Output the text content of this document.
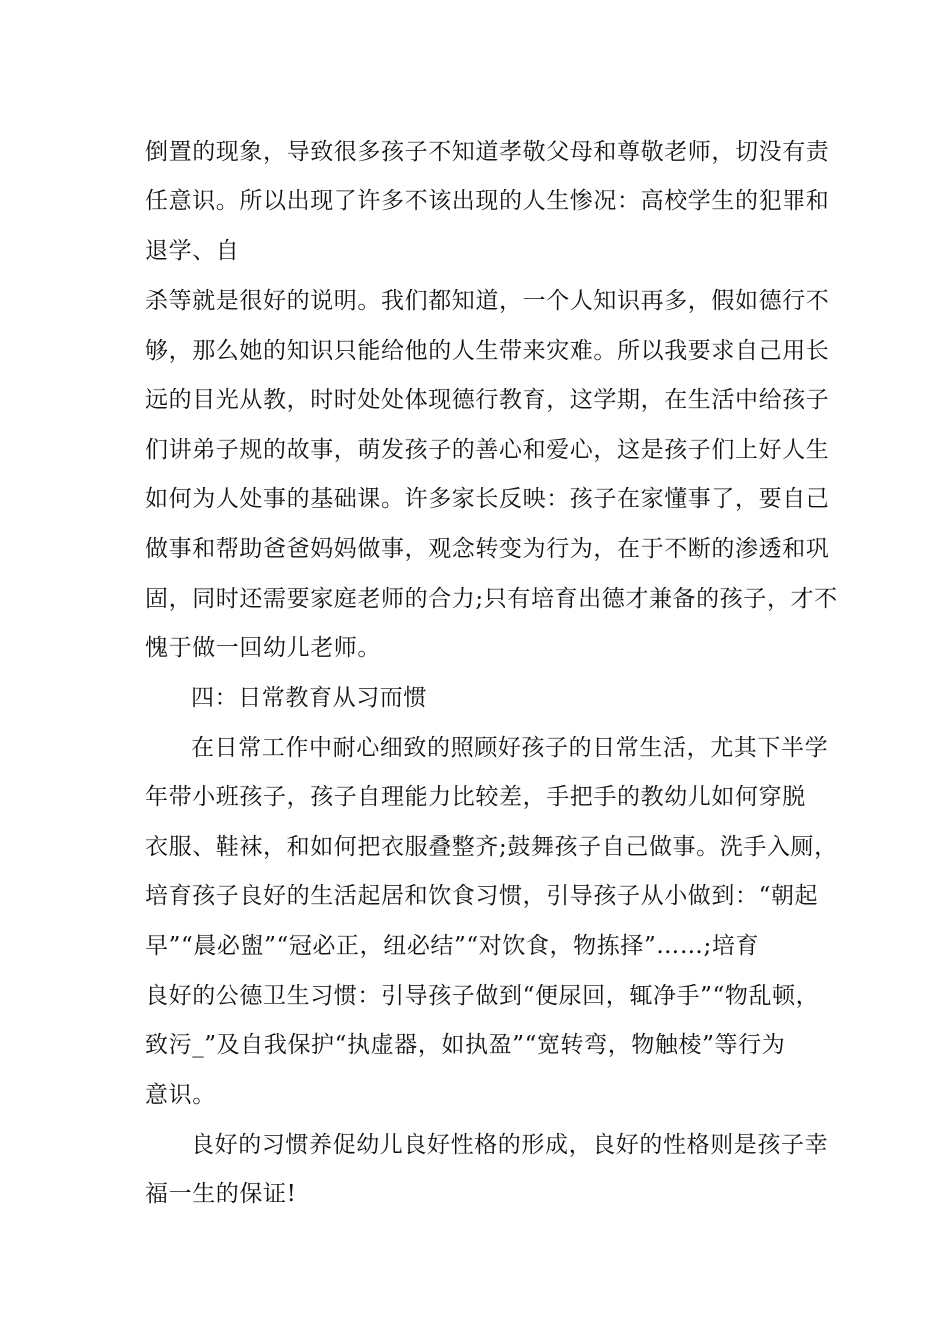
倒置的现象，导致很多孩子不知道孝敬父母和尊敬老师，切没有责

任意识。所以出现了许多不该出现的人生惨况：高校学生的犯罪和

退学、自

杀等就是很好的说明。我们都知道，一个人知识再多，假如德行不

够，那么她的知识只能给他的人生带来灾难。所以我要求自己用长

远的目光从教，时时处处体现德行教育，这学期，在生活中给孩子

们讲弟子规的故事，萌发孩子的善心和爱心，这是孩子们上好人生

如何为人处事的基础课。许多家长反映：孩子在家懂事了，要自己

做事和帮助爸爸妈妈做事，观念转变为行为，在于不断的渗透和巩

固，同时还需要家庭老师的合力;只有培育出德才兼备的孩子，才不

愧于做一回幼儿老师。

四：日常教育从习而惯

在日常工作中耐心细致的照顾好孩子的日常生活，尤其下半学

年带小班孩子，孩子自理能力比较差，手把手的教幼儿如何穿脱

衣服、鞋袜，和如何把衣服叠整齐;鼓舞孩子自己做事。洗手入厕，

培育孩子良好的生活起居和饮食习惯，引导孩子从小做到：“朝起

早”“晨必盥”“冠必正，纽必结”“对饮食，物拣择”……;培育

良好的公德卫生习惯：引导孩子做到“便尿回，辄净手”“物乱顿，

致污_”及自我保护“执虚器，如执盈”“宽转弯，物触棱”等行为

意识。

良好的习惯养促幼儿良好性格的形成，良好的性格则是孩子幸

福一生的保证!
